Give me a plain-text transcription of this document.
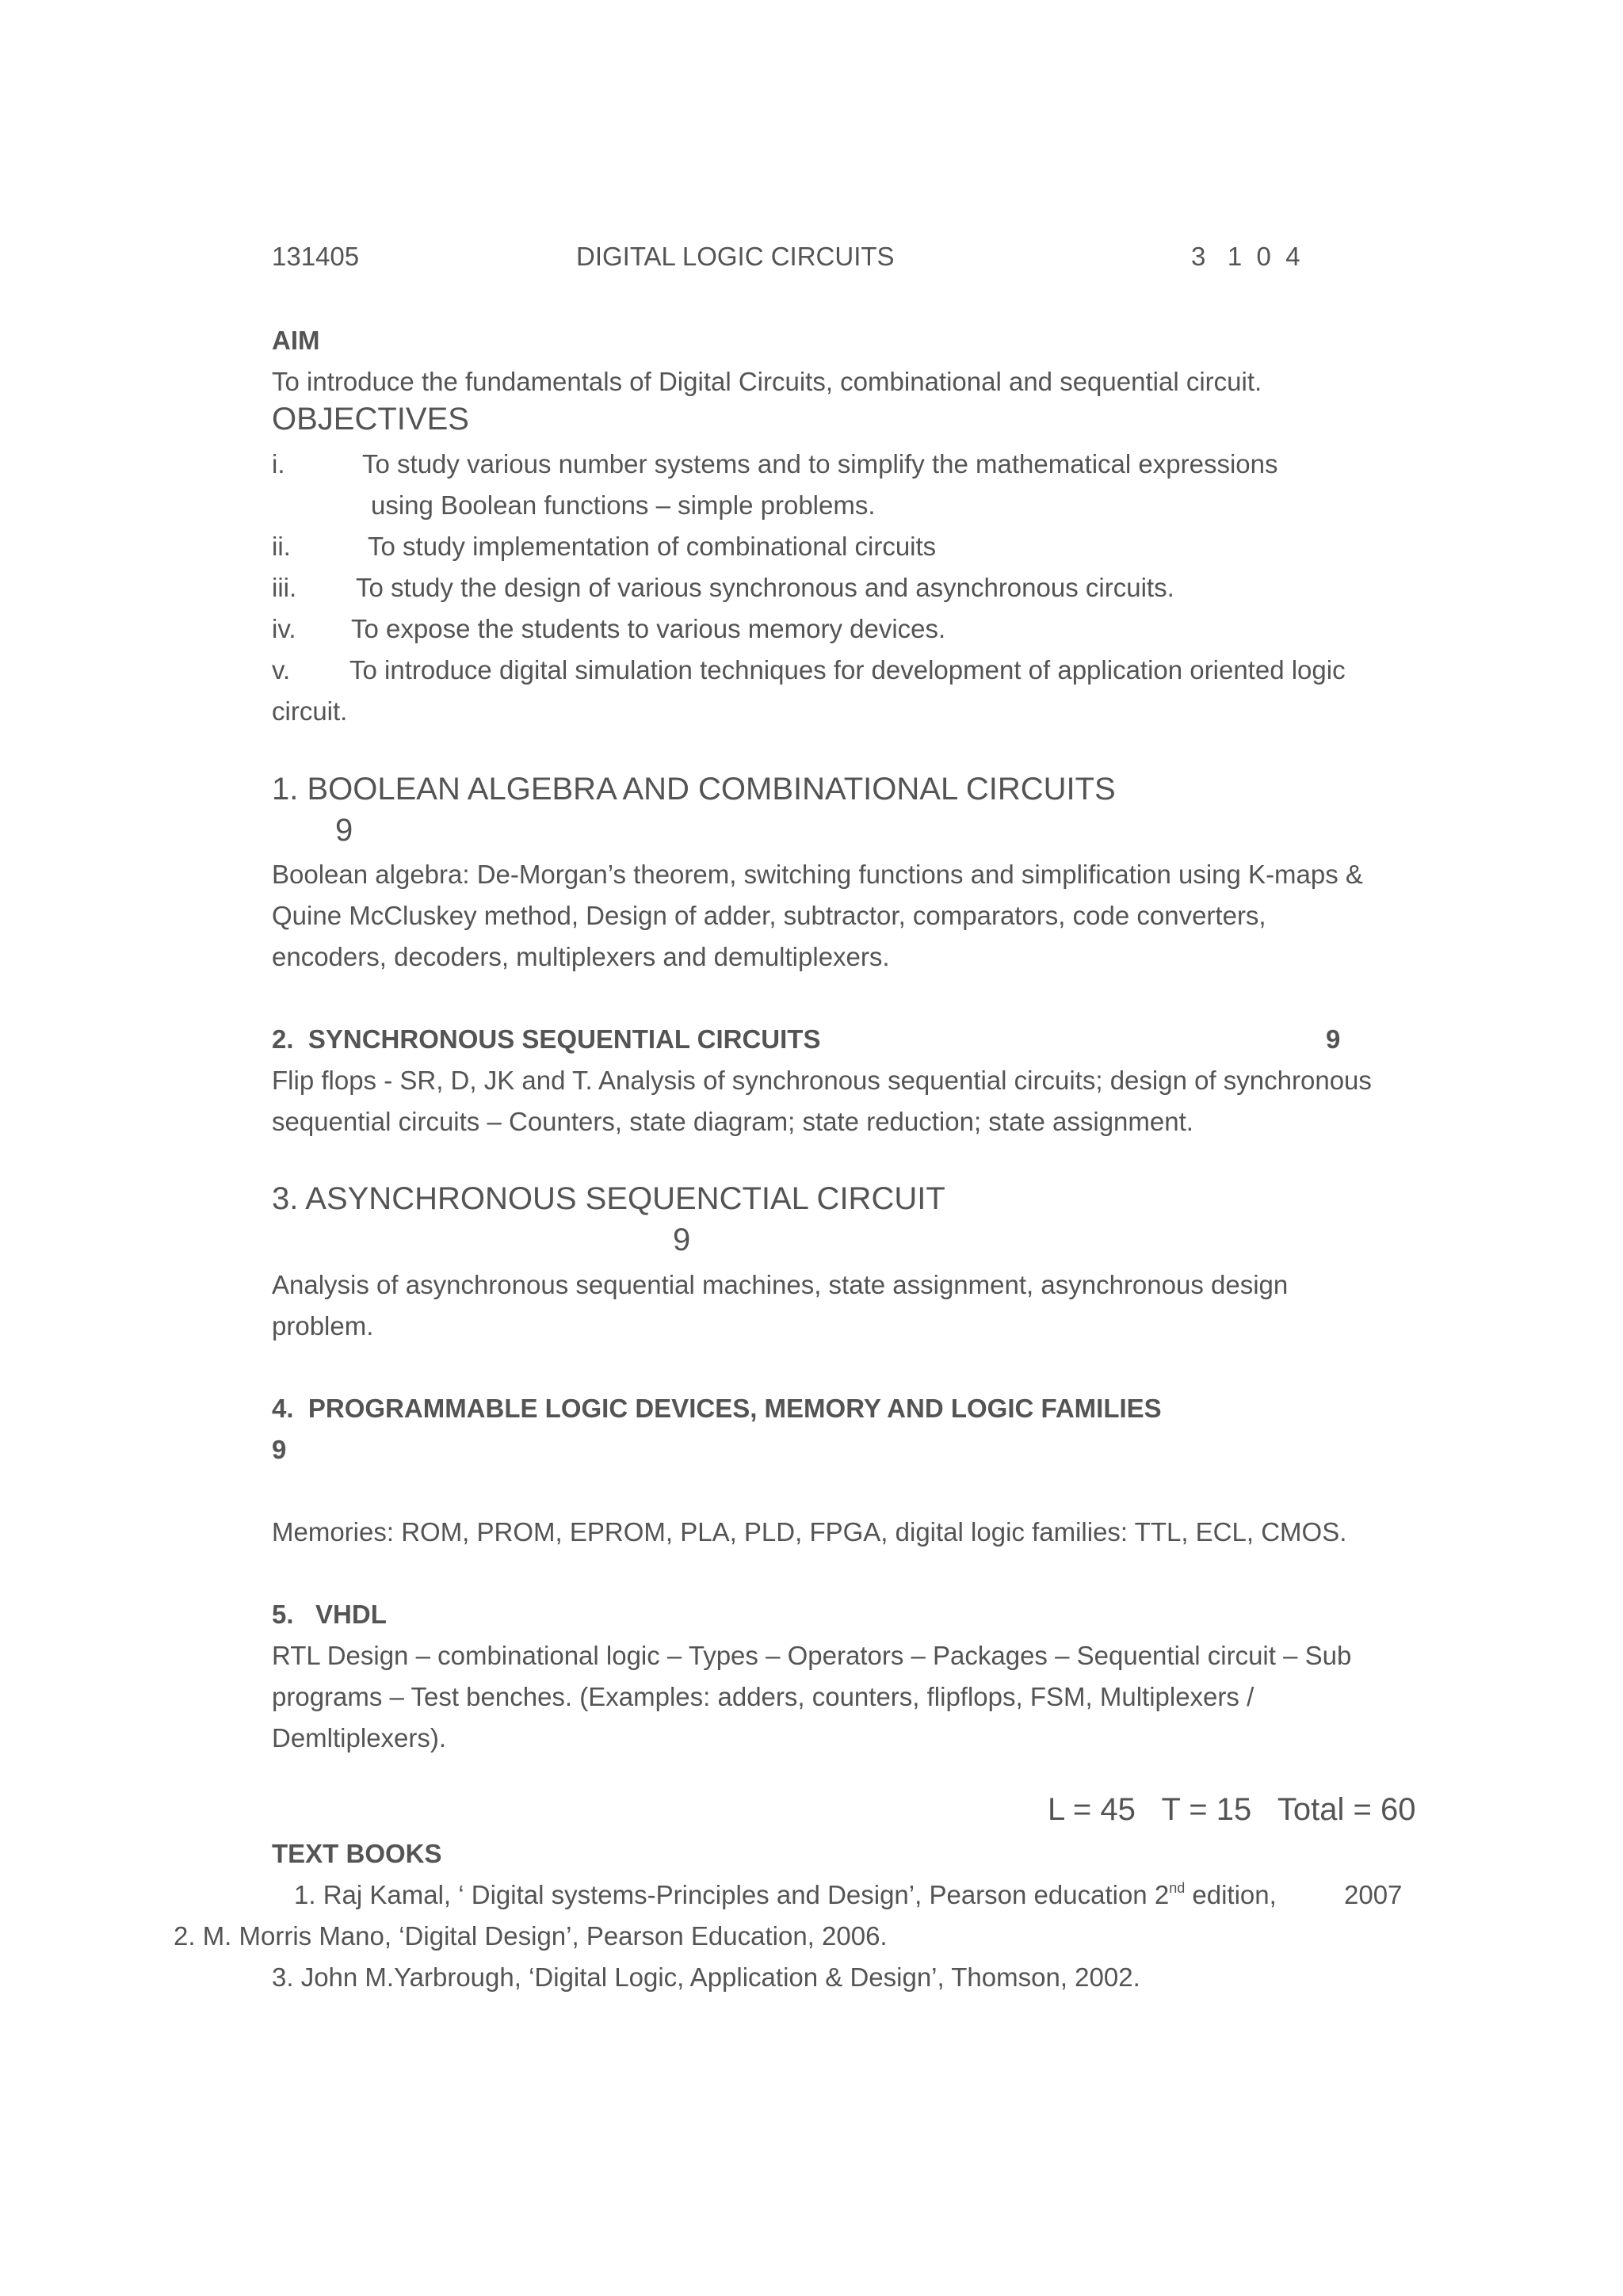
131405	DIGITAL LOGIC CIRCUITS	3   1  0  4
AIM
To introduce the fundamentals of Digital Circuits, combinational and sequential circuit.
OBJECTIVES
i.	To study various number systems and to simplify the mathematical expressions
using Boolean functions – simple problems.
ii.	To study implementation of combinational circuits
iii. To study the design of various synchronous and asynchronous circuits.
iv. To expose the students to various memory devices.
v. To introduce digital simulation techniques for development of application oriented logic
circuit.
1. BOOLEAN ALGEBRA AND COMBINATIONAL CIRCUITS
9
Boolean algebra: De-Morgan’s theorem, switching functions and simplification using K-maps &
Quine McCluskey method, Design of adder, subtractor, comparators, code converters,
encoders, decoders, multiplexers and demultiplexers.
2.  SYNCHRONOUS SEQUENTIAL CIRCUITS	9
Flip flops - SR, D, JK and T. Analysis of synchronous sequential circuits; design of synchronous
sequential circuits – Counters, state diagram; state reduction; state assignment.
3. ASYNCHRONOUS SEQUENCTIAL CIRCUIT
9
Analysis of asynchronous sequential machines, state assignment, asynchronous design
problem.
4.  PROGRAMMABLE LOGIC DEVICES, MEMORY AND LOGIC FAMILIES
9
Memories: ROM, PROM, EPROM, PLA, PLD, FPGA, digital logic families: TTL, ECL, CMOS.
5.   VHDL
RTL Design – combinational logic – Types – Operators – Packages – Sequential circuit – Sub
programs – Test benches. (Examples: adders, counters, flipflops, FSM, Multiplexers /
Demltiplexers).
L = 45   T = 15   Total = 60
TEXT BOOKS
1. Raj Kamal, ‘ Digital systems-Principles and Design’, Pearson education 2nd edition,	2007
2. M. Morris Mano, ‘Digital Design’, Pearson Education, 2006.
3. John M.Yarbrough, ‘Digital Logic, Application & Design’, Thomson, 2002.
